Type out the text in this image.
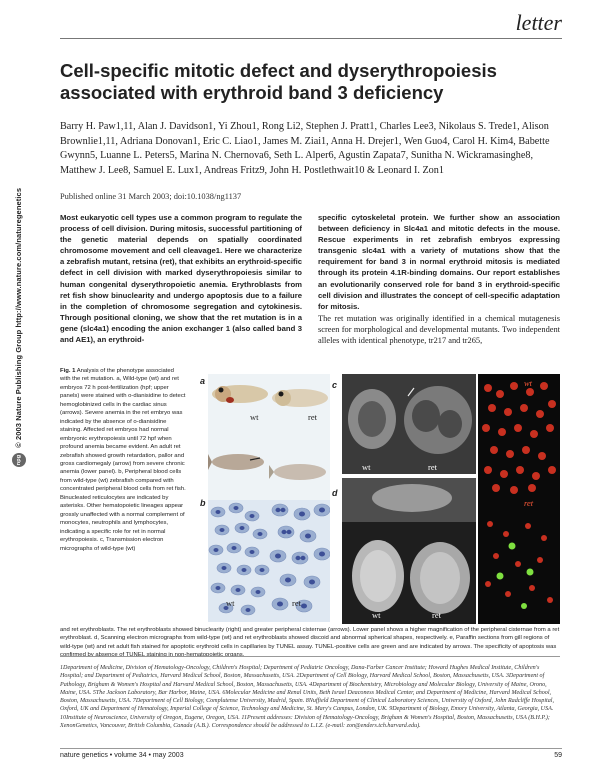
letter
Cell-specific mitotic defect and dyserythropoiesis associated with erythroid band 3 deficiency
Barry H. Paw1,11, Alan J. Davidson1, Yi Zhou1, Rong Li2, Stephen J. Pratt1, Charles Lee3, Nikolaus S. Trede1, Alison Brownlie1,11, Adriana Donovan1, Eric C. Liao1, James M. Ziai1, Anna H. Drejer1, Wen Guo4, Carol H. Kim4, Babette Gwynn5, Luanne L. Peters5, Marina N. Chernova6, Seth L. Alper6, Agustin Zapata7, Sunitha N. Wickramasinghe8, Matthew J. Lee8, Samuel E. Lux1, Andreas Fritz9, John H. Postlethwait10 & Leonard I. Zon1
Published online 31 March 2003; doi:10.1038/ng1137
npg © 2003 Nature Publishing Group http://www.nature.com/naturegenetics	Most eukaryotic cell types use a common program to regulate the process of cell division. During mitosis, successful partitioning of the genetic material depends on spatially coordinated chromosome movement and cell cleavage1. Here we characterize a zebrafish mutant, retsina (ret), that exhibits an erythroid-specific defect in cell division with marked dyserythropoiesis similar to human congenital dyserythropoietic anemia. Erythroblasts from ret fish show binuclearity and undergo apoptosis due to a failure in the completion of chromosome segregation and cytokinesis. Through positional cloning, we show that the ret mutation is in a gene (slc4a1) encoding the anion exchanger 1 (also called band 3 and AE1), an erythroid-
specific cytoskeletal protein. We further show an association between deficiency in Slc4a1 and mitotic defects in the mouse. Rescue experiments in ret zebrafish embryos expressing transgenic slc4a1 with a variety of mutations show that the requirement for band 3 in normal erythroid mitosis is mediated through its protein 4.1R-binding domains. Our report establishes an evolutionarily conserved role for band 3 in erythroid-specific cell division and illustrates the concept of cell-specific adaptation for mitosis.
The ret mutation was originally identified in a chemical mutagenesis screen for morphological and developmental mutants. Two independent alleles with identical phenotype, tr217 and tr265,
Fig. 1 Analysis of the phenotype associated with the ret mutation. a, Wild-type (wt) and ret embryos 72 h post-fertilization (hpf; upper panels) were stained with o-dianisidine to detect hemoglobinized cells in the cardiac sinus (arrows). Severe anemia in the ret embryo was indicated by the absence of o-dianisidine staining. Affected ret embryos had normal embryonic erythropoiesis until 72 hpf when profound anemia became evident. An adult ret zebrafish showed growth retardation, pallor and gross cardiomegaly (arrow) from severe chronic anemia (lower panel). b, Peripheral blood cells from wild-type (wt) zebrafish compared with concentrated peripheral blood cells from ret fish. Binucleated reticulocytes are indicated by asterisks. Other hematopoietic lineages appear grossly unaffected with a normal complement of monocytes, neutrophils and lymphocytes, indicating a specific role for ret in normal erythropoiesis. c, Transmission electron micrographs of wild-type (wt)
a
wt	ret
b
wt	ret
c
wt	ret
d
wt	ret
wt
ret
and ret erythroblasts. The ret erythroblasts showed binuclearity (right) and greater peripheral cisternae (arrows). Lower panel shows a higher magnification of the peripheral cisternae from a ret erythroblast. d, Scanning electron micrographs from wild-type (wt) and ret erythroblasts showed discoid and abnormal spherical shapes, respectively. e, Paraffin sections from gill regions of wild-type (wt) and ret adult fish stained for apoptotic erythroid cells in capillaries by TUNEL assay. TUNEL-positive cells are green and are indicated by arrows. The specificity of apoptosis was
1Department of Medicine, Division of Hematology-Oncology, Children's Hospital; Department of Pediatric Oncology, Dana-Farber Cancer Institute; Howard Hughes Medical Institute, Children's Hospital; and Department of Pediatrics, Harvard Medical School, Boston, Massachusetts, USA. 2Department of Cell Biology, Harvard Medical School, Boston, Massachusetts, USA. 3Department of Pathology, Brigham & Women's Hospital and Harvard Medical School, Boston, Massachusetts, USA. 4Department of Biochemistry, Microbiology and Molecular Biology, University of Maine, Orono, Maine, USA. 5The Jackson Laboratory, Bar Harbor, Maine, USA. 6Molecular Medicine and Renal Units, Beth Israel Deaconess Medical Center, and Department of Medicine, Harvard Medical School, Boston, Massachusetts, USA. 7Department of Cell Biology, Complutense University, Madrid, Spain. 8Nuffield Department of Clinical Laboratory Sciences, University of Oxford, John Radcliffe Hospital, Oxford, UK and Department of Hematology, Imperial College of Science, Technology and Medicine, St. Mary's Campus, London, UK. 9Department of Biology, Emory University, Atlanta, Georgia, USA. 10Institute of Neuroscience, University of Oregon, Eugene, Oregon, USA. 11Present addresses: Division of Hematology-Oncology, Brigham & Women's Hospital, Boston, Massachusetts, USA (B.H.P.); XenonGenetics, Vancouver, British Columbia, Canada (A.B.). Correspondence should be addressed to L.I.Z. (e-mail: zon@enders.tch.harvard.edu).
nature genetics • volume 34 • may 2003	59
